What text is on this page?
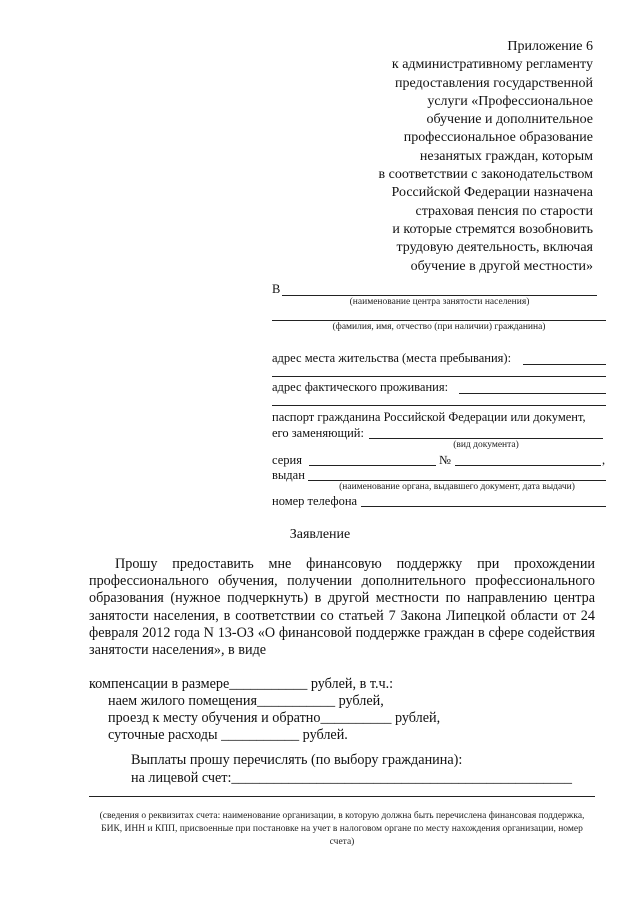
Приложение 6
к административному регламенту
предоставления государственной
услуги «Профессиональное
обучение и дополнительное
профессиональное образование
незанятых граждан, которым
в соответствии с законодательством
Российской Федерации назначена
страховая пенсия по старости
и которые стремятся возобновить
трудовую деятельность, включая
обучение в другой местности»
В
(наименование центра занятости населения)
(фамилия, имя, отчество (при наличии) гражданина)
адрес места жительства (места пребывания):
адрес фактического проживания:
паспорт гражданина Российской Федерации или документ,
его заменяющий:
(вид документа)
серия	№	,
выдан
(наименование органа, выдавшего документ, дата выдачи)
номер телефона
Заявление

Прошу предоставить мне финансовую поддержку при прохождении профессионального обучения, получении дополнительного профессионального образования (нужное подчеркнуть) в другой местности по направлению центра занятости населения, в соответствии со статьей 7 Закона Липецкой области от 24 февраля 2012 года N 13-ОЗ «О финансовой поддержке граждан в сфере содействия занятости населения», в виде

компенсации в размере___________ рублей, в т.ч.:
наем жилого помещения___________ рублей,
проезд к месту обучения и обратно__________ рублей,
суточные расходы ___________ рублей.
Выплаты прошу перечислять (по выбору гражданина):
на лицевой счет:________________________________________________
(сведения о реквизитах счета: наименование организации, в которую должна быть перечислена финансовая поддержка, БИК, ИНН и КПП, присвоенные при постановке на учет в налоговом органе по месту нахождения организации, номер счета)
